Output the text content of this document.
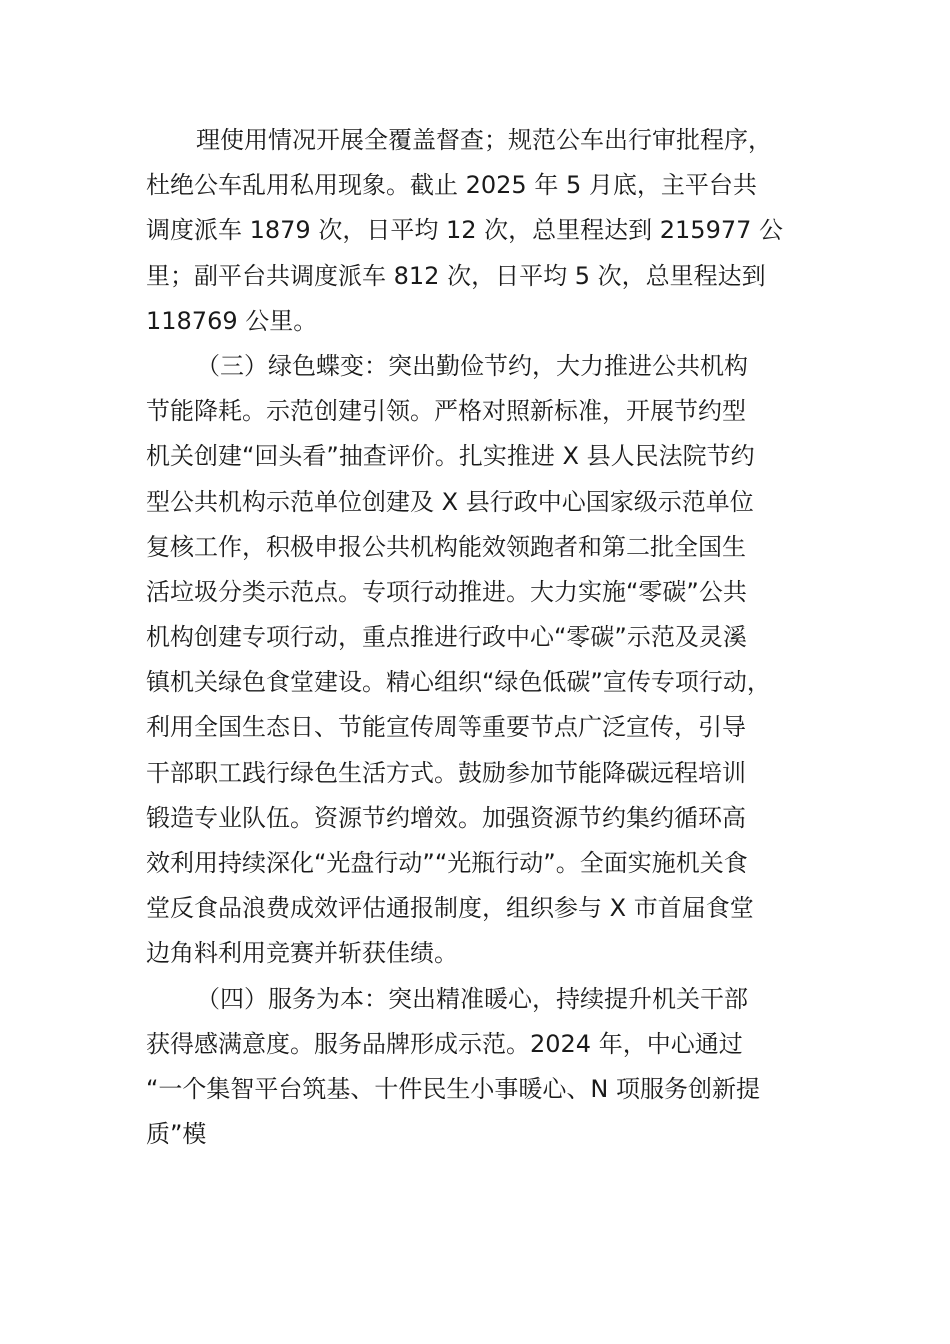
理使用情况开展全覆盖督查；规范公车出行审批程序，
杜绝公车乱用私用现象。截止 2025 年 5 月底，主平台共
调度派车 1879 次，日平均 12 次，总里程达到 215977 公
里；副平台共调度派车 812 次，日平均 5 次，总里程达到
118769 公里。
（三）绿色蝶变：突出勤俭节约，大力推进公共机构
节能降耗。示范创建引领。严格对照新标准，开展节约型
机关创建“回头看”抽查评价。扎实推进 X 县人民法院节约
型公共机构示范单位创建及 X 县行政中心国家级示范单位
复核工作，积极申报公共机构能效领跑者和第二批全国生
活垃圾分类示范点。专项行动推进。大力实施“零碳”公共
机构创建专项行动，重点推进行政中心“零碳”示范及灵溪
镇机关绿色食堂建设。精心组织“绿色低碳”宣传专项行动，
利用全国生态日、节能宣传周等重要节点广泛宣传，引导
干部职工践行绿色生活方式。鼓励参加节能降碳远程培训
锻造专业队伍。资源节约增效。加强资源节约集约循环高
效利用持续深化“光盘行动”“光瓶行动”。全面实施机关食
堂反食品浪费成效评估通报制度，组织参与 X 市首届食堂
边角料利用竞赛并斩获佳绩。
（四）服务为本：突出精准暖心，持续提升机关干部
获得感满意度。服务品牌形成示范。2024 年，中心通过
“一个集智平台筑基、十件民生小事暖心、N 项服务创新提
质”模
